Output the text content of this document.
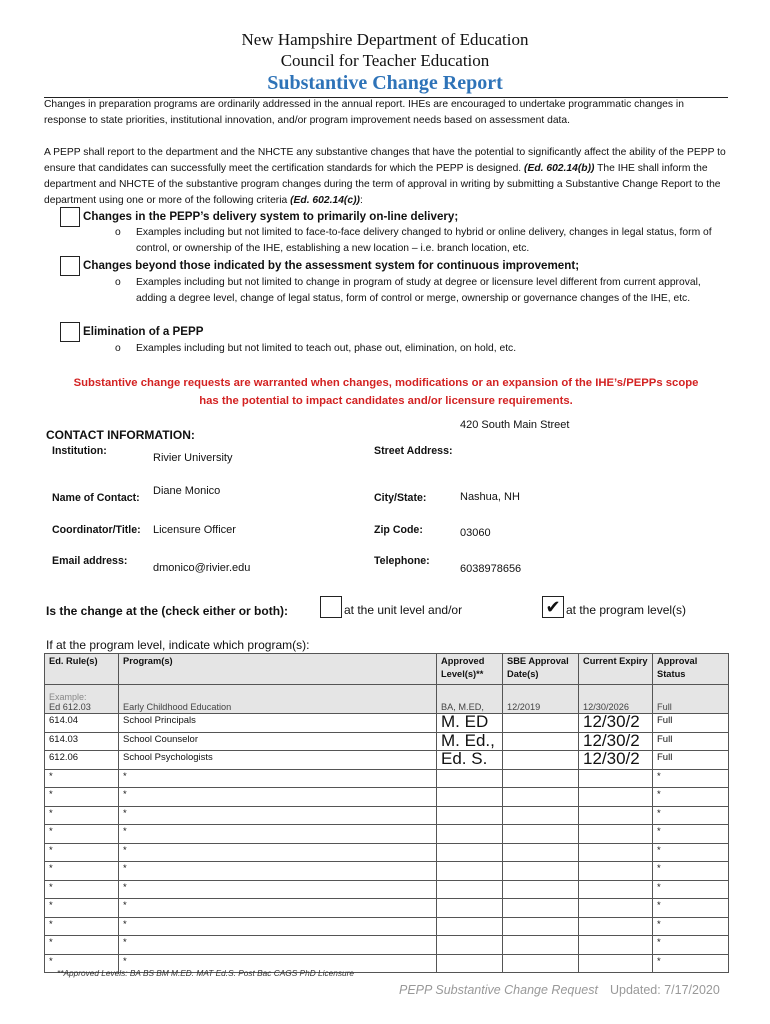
New Hampshire Department of Education
Council for Teacher Education
Substantive Change Report
Changes in preparation programs are ordinarily addressed in the annual report. IHEs are encouraged to undertake programmatic changes in response to state priorities, institutional innovation, and/or program improvement needs based on assessment data.
A PEPP shall report to the department and the NHCTE any substantive changes that have the potential to significantly affect the ability of the PEPP to ensure that candidates can successfully meet the certification standards for which the PEPP is designed. (Ed. 602.14(b)) The IHE shall inform the department and NHCTE of the substantive program changes during the term of approval in writing by submitting a Substantive Change Report to the department using one or more of the following criteria (Ed. 602.14(c)):
Changes in the PEPP’s delivery system to primarily on-line delivery;
o Examples including but not limited to face-to-face delivery changed to hybrid or online delivery, changes in legal status, form of control, or ownership of the IHE, establishing a new location – i.e. branch location, etc.
Changes beyond those indicated by the assessment system for continuous improvement;
o Examples including but not limited to change in program of study at degree or licensure level different from current approval, adding a degree level, change of legal status, form of control or merge, ownership or governance changes of the IHE, etc.
Elimination of a PEPP
o Examples including but not limited to teach out, phase out, elimination, on hold, etc.
Substantive change requests are warranted when changes, modifications or an expansion of the IHE’s/PEPPs scope
has the potential to impact candidates and/or licensure requirements.
CONTACT INFORMATION:
Institution:
Rivier University
Name of Contact:
Diane Monico
Coordinator/Title: Licensure Officer
Email address:
dmonico@rivier.edu
420 South Main Street
Street Address:
City/State:	Nashua, NH
Zip Code:	03060
Telephone:
6038978656
Is the change at the (check either or both):	at the unit level and/or	✔ at the program level(s)
If at the program level, indicate which program(s):
Ed. Rule(s)	Program(s)	Approved Level(s)**	SBE Approval Date(s)	Current Expiry	Approval Status

Example:
Ed 612.03	Early Childhood Education	BA, M.ED,	12/2019	12/30/2026	Full
614.04	School Principals	M. ED		12/30/2	Full
614.03	School Counselor	M. Ed.,		12/30/2	Full
612.06	School Psychologists	Ed. S.		12/30/2	Full
*	*				*
*	*				*
*	*				*
*	*				*
*	*				*
*	*				*
*	*				*
*	*				*
*	*				*
*	*				*
*	*				*
**Approved Levels: BA BS BM M.ED. MAT Ed.S. Post Bac CAGS PhD Licensure
PEPP Substantive Change Request Updated: 7/17/2020
